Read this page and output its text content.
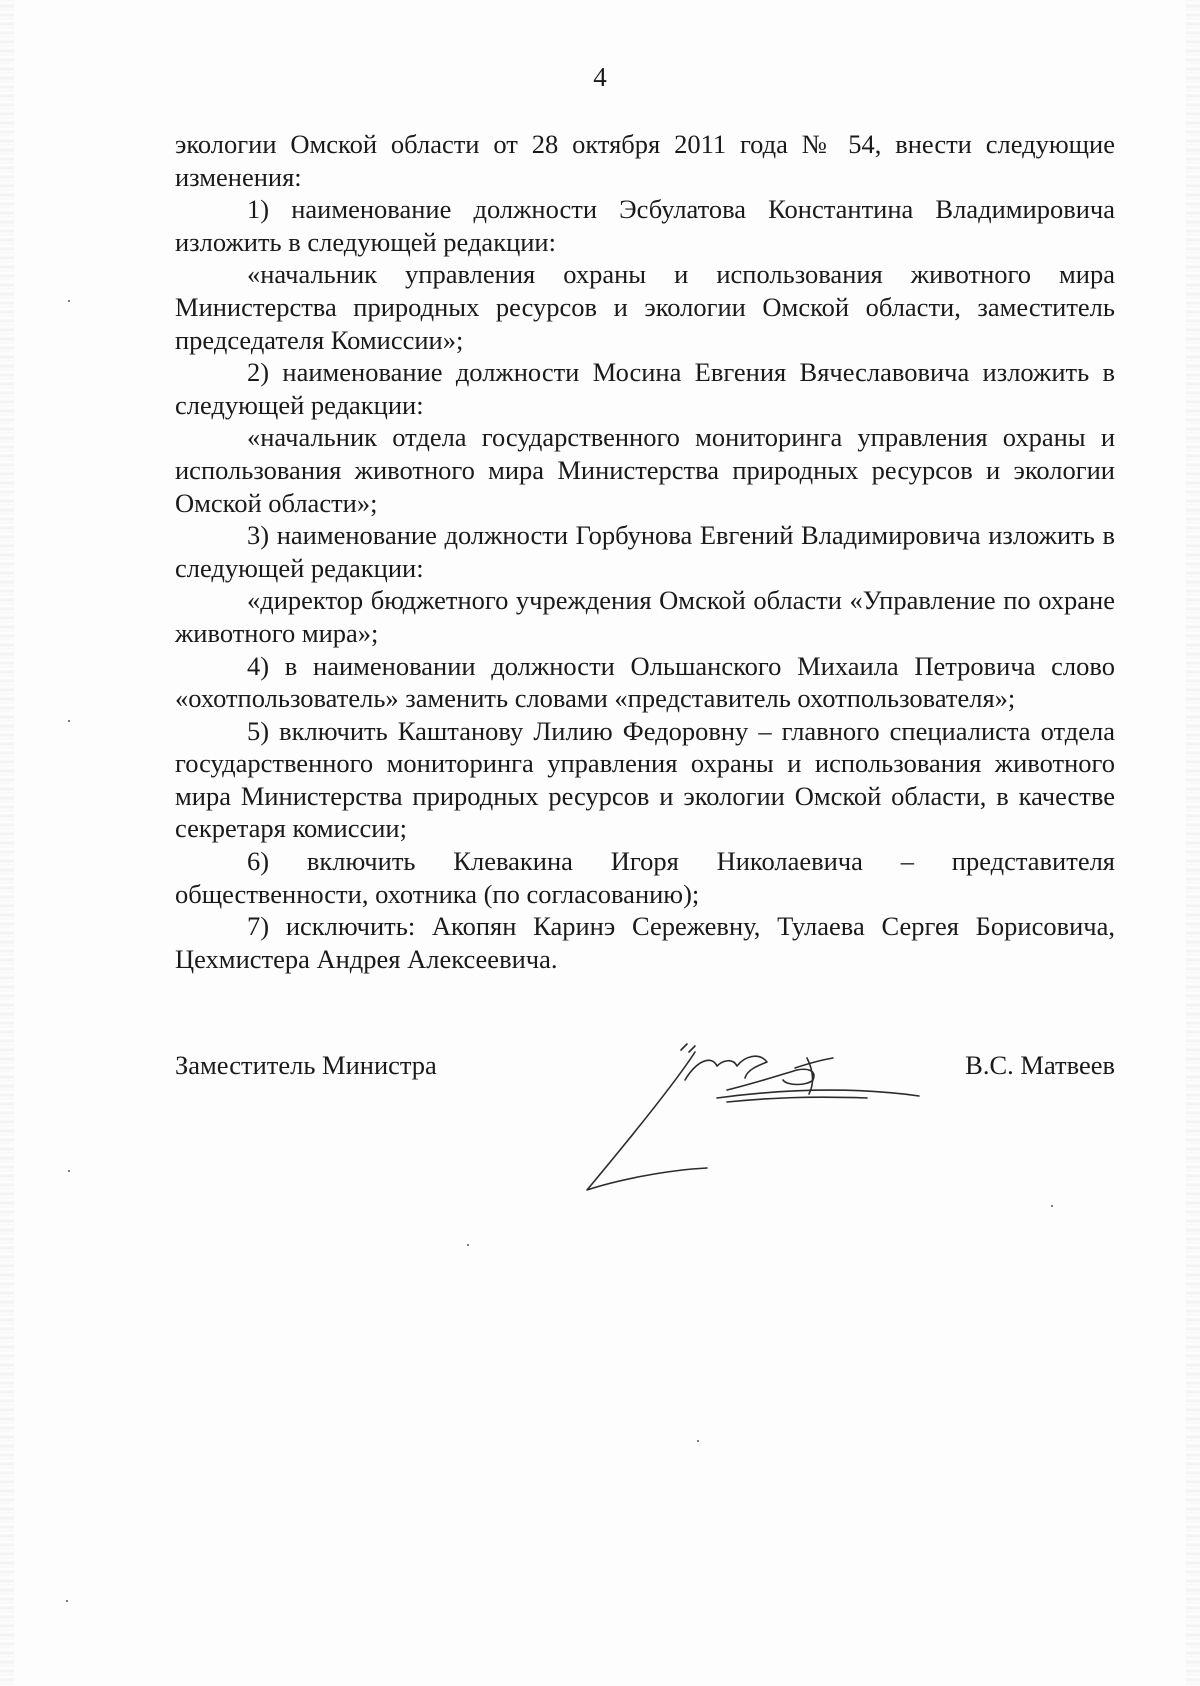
4

экологии Омской области от 28 октября 2011 года № 54, внести следующие изменения:

1) наименование должности Эсбулатова Константина Владимировича изложить в следующей редакции:

«начальник управления охраны и использования животного мира Министерства природных ресурсов и экологии Омской области, заместитель председателя Комиссии»;

2) наименование должности Мосина Евгения Вячеславовича изложить в следующей редакции:

«начальник отдела государственного мониторинга управления охраны и использования животного мира Министерства природных ресурсов и экологии Омской области»;

3) наименование должности Горбунова Евгений Владимировича изложить в следующей редакции:

«директор бюджетного учреждения Омской области «Управление по охране животного мира»;

4) в наименовании должности Ольшанского Михаила Петровича слово «охотпользователь» заменить словами «представитель охотпользователя»;

5) включить Каштанову Лилию Федоровну – главного специалиста отдела государственного мониторинга управления охраны и использования животного мира Министерства природных ресурсов и экологии Омской области, в качестве секретаря комиссии;

6) включить Клевакина Игоря Николаевича – представителя общественности, охотника (по согласованию);

7) исключить: Акопян Каринэ Сережевну, Тулаева Сергея Борисовича, Цехмистера Андрея Алексеевича.

Заместитель Министра	В.С. Матвеев
